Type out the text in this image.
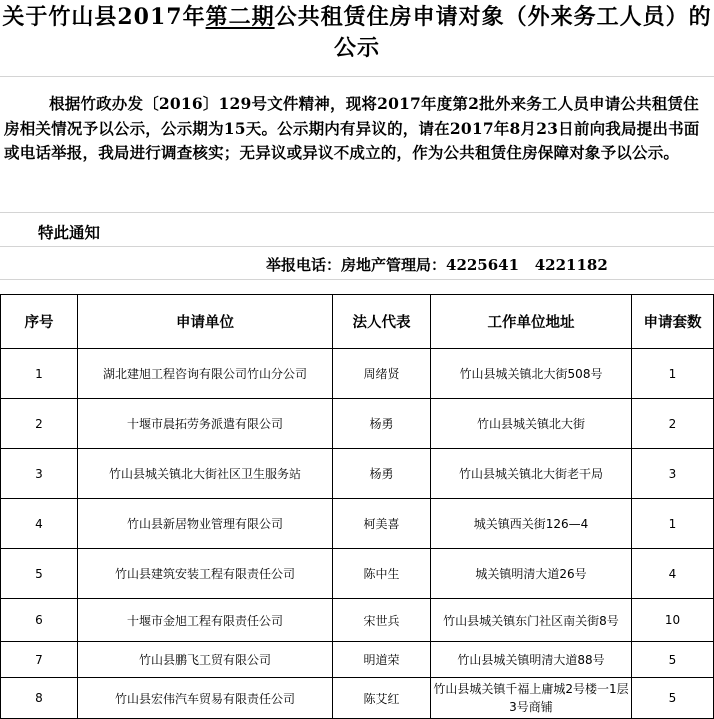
关于竹山县2017年第二期公共租赁住房申请对象（外来务工人员）的公示
根据竹政办发〔2016〕129号文件精神，现将2017年度第2批外来务工人员申请公共租赁住房相关情况予以公示，公示期为15天。公示期内有异议的，请在2017年8月23日前向我局提出书面或电话举报，我局进行调查核实；无异议或异议不成立的，作为公共租赁住房保障对象予以公示。
特此通知
举报电话：房地产管理局：4225641   4221182
序号	申请单位	法人代表	工作单位地址	申请套数
1	湖北建旭工程咨询有限公司竹山分公司	周绪贤	竹山县城关镇北大街508号	1
2	十堰市晨拓劳务派遣有限公司	杨勇	竹山县城关镇北大街	2
3	竹山县城关镇北大街社区卫生服务站	杨勇	竹山县城关镇北大街老干局	3
4	竹山县新居物业管理有限公司	柯美喜	城关镇西关街126—4	1
5	竹山县建筑安装工程有限责任公司	陈中生	城关镇明清大道26号	4
6	十堰市金旭工程有限责任公司	宋世兵	竹山县城关镇东门社区南关街8号	10
7	竹山县鹏飞工贸有限公司	明道荣	竹山县城关镇明清大道88号	5
8	竹山县宏伟汽车贸易有限责任公司	陈艾红	竹山县城关镇千福上庸城2号楼一1层3号商铺	5
